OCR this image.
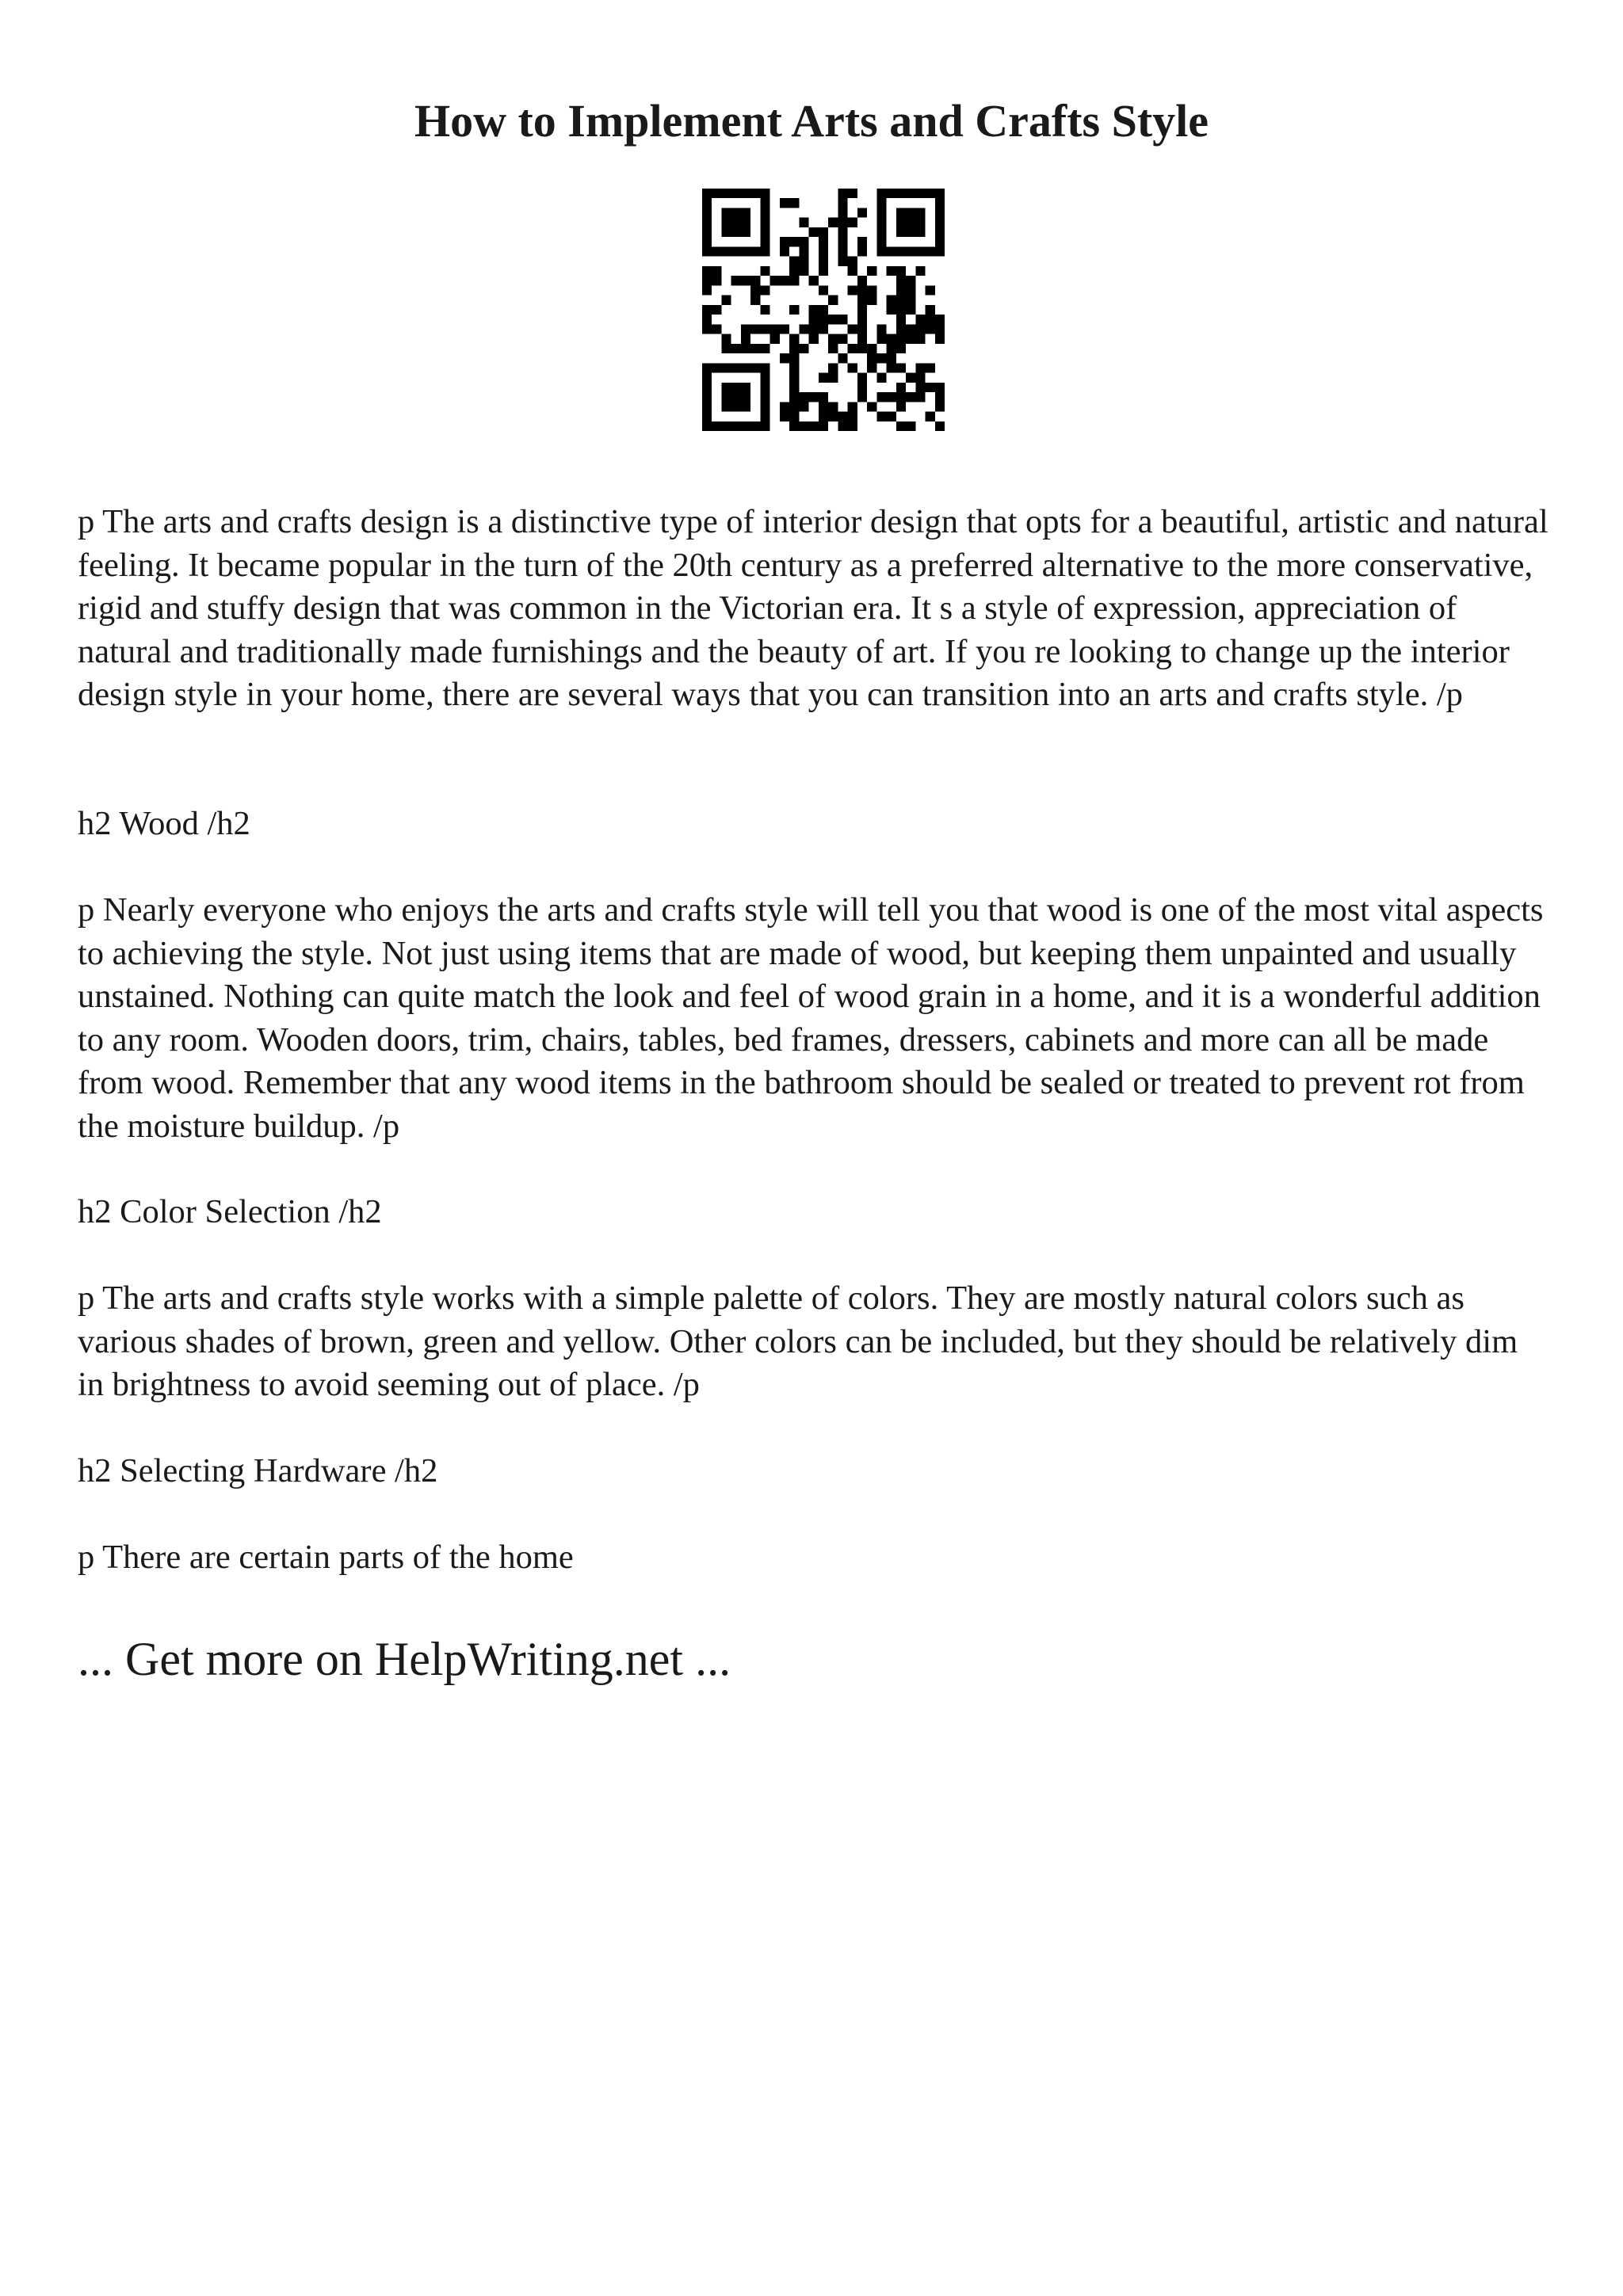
How to Implement Arts and Crafts Style

p The arts and crafts design is a distinctive type of interior design that opts for a beautiful, artistic and natural feeling. It became popular in the turn of the 20th century as a preferred alternative to the more conservative, rigid and stuffy design that was common in the Victorian era. It s a style of expression, appreciation of natural and traditionally made furnishings and the beauty of art. If you re looking to change up the interior design style in your home, there are several ways that you can transition into an arts and crafts style. /p

h2 Wood /h2

p Nearly everyone who enjoys the arts and crafts style will tell you that wood is one of the most vital aspects to achieving the style. Not just using items that are made of wood, but keeping them unpainted and usually unstained. Nothing can quite match the look and feel of wood grain in a home, and it is a wonderful addition to any room. Wooden doors, trim, chairs, tables, bed frames, dressers, cabinets and more can all be made from wood. Remember that any wood items in the bathroom should be sealed or treated to prevent rot from the moisture buildup. /p

h2 Color Selection /h2

p The arts and crafts style works with a simple palette of colors. They are mostly natural colors such as various shades of brown, green and yellow. Other colors can be included, but they should be relatively dim in brightness to avoid seeming out of place. /p

h2 Selecting Hardware /h2

p There are certain parts of the home

... Get more on HelpWriting.net ...
